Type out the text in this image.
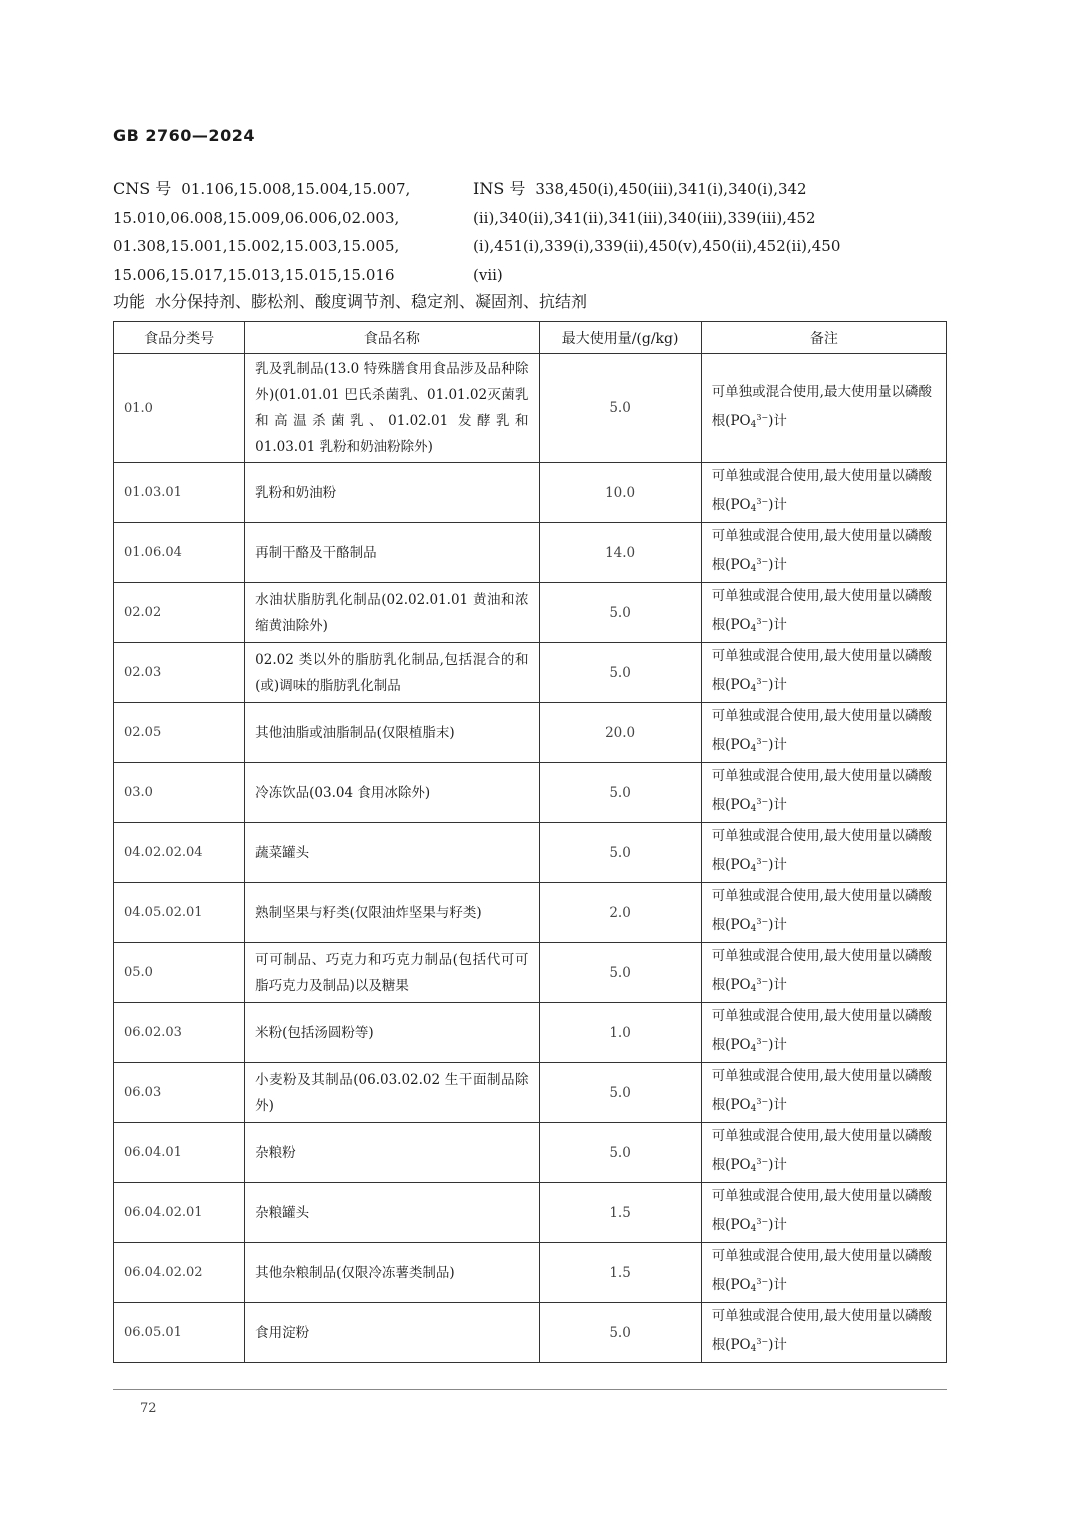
GB 2760—2024
CNS 号 01.106,15.008,15.004,15.007,
15.010,06.008,15.009,06.006,02.003,
01.308,15.001,15.002,15.003,15.005,
15.006,15.017,15.013,15.015,15.016
INS 号 338,450(i),450(iii),341(i),340(i),342
(ii),340(ii),341(ii),341(iii),340(iii),339(iii),452
(i),451(i),339(i),339(ii),450(v),450(ii),452(ii),450
(vii)
功能 水分保持剂、膨松剂、酸度调节剂、稳定剂、凝固剂、抗结剂
食品分类号	食品名称	最大使用量/(g/kg)	备注
01.0	乳及乳制品(13.0 特殊膳食用食品涉及品种除外)(01.01.01 巴氏杀菌乳、01.01.02灭菌乳和高温杀菌乳、01.02.01 发酵乳和 01.03.01 乳粉和奶油粉除外)	5.0	可单独或混合使用,最大使用量以磷酸根$(PO_4^{3-})$计
01.03.01	乳粉和奶油粉	10.0	可单独或混合使用,最大使用量以磷酸根$(PO_4^{3-})$计
01.06.04	再制干酪及干酪制品	14.0	可单独或混合使用,最大使用量以磷酸根$(PO_4^{3-})$计
02.02	水油状脂肪乳化制品(02.02.01.01 黄油和浓缩黄油除外)	5.0	可单独或混合使用,最大使用量以磷酸根$(PO_4^{3-})$计
02.03	02.02 类以外的脂肪乳化制品,包括混合的和(或)调味的脂肪乳化制品	5.0	可单独或混合使用,最大使用量以磷酸根$(PO_4^{3-})$计
02.05	其他油脂或油脂制品(仅限植脂末)	20.0	可单独或混合使用,最大使用量以磷酸根$(PO_4^{3-})$计
03.0	冷冻饮品(03.04 食用冰除外)	5.0	可单独或混合使用,最大使用量以磷酸根$(PO_4^{3-})$计
04.02.02.04	蔬菜罐头	5.0	可单独或混合使用,最大使用量以磷酸根$(PO_4^{3-})$计
04.05.02.01	熟制坚果与籽类(仅限油炸坚果与籽类)	2.0	可单独或混合使用,最大使用量以磷酸根$(PO_4^{3-})$计
05.0	可可制品、巧克力和巧克力制品(包括代可可脂巧克力及制品)以及糖果	5.0	可单独或混合使用,最大使用量以磷酸根$(PO_4^{3-})$计
06.02.03	米粉(包括汤圆粉等)	1.0	可单独或混合使用,最大使用量以磷酸根$(PO_4^{3-})$计
06.03	小麦粉及其制品(06.03.02.02 生干面制品除外)	5.0	可单独或混合使用,最大使用量以磷酸根$(PO_4^{3-})$计
06.04.01	杂粮粉	5.0	可单独或混合使用,最大使用量以磷酸根$(PO_4^{3-})$计
06.04.02.01	杂粮罐头	1.5	可单独或混合使用,最大使用量以磷酸根$(PO_4^{3-})$计
06.04.02.02	其他杂粮制品(仅限冷冻薯类制品)	1.5	可单独或混合使用,最大使用量以磷酸根$(PO_4^{3-})$计
06.05.01	食用淀粉	5.0	可单独或混合使用,最大使用量以磷酸根$(PO_4^{3-})$计
72
